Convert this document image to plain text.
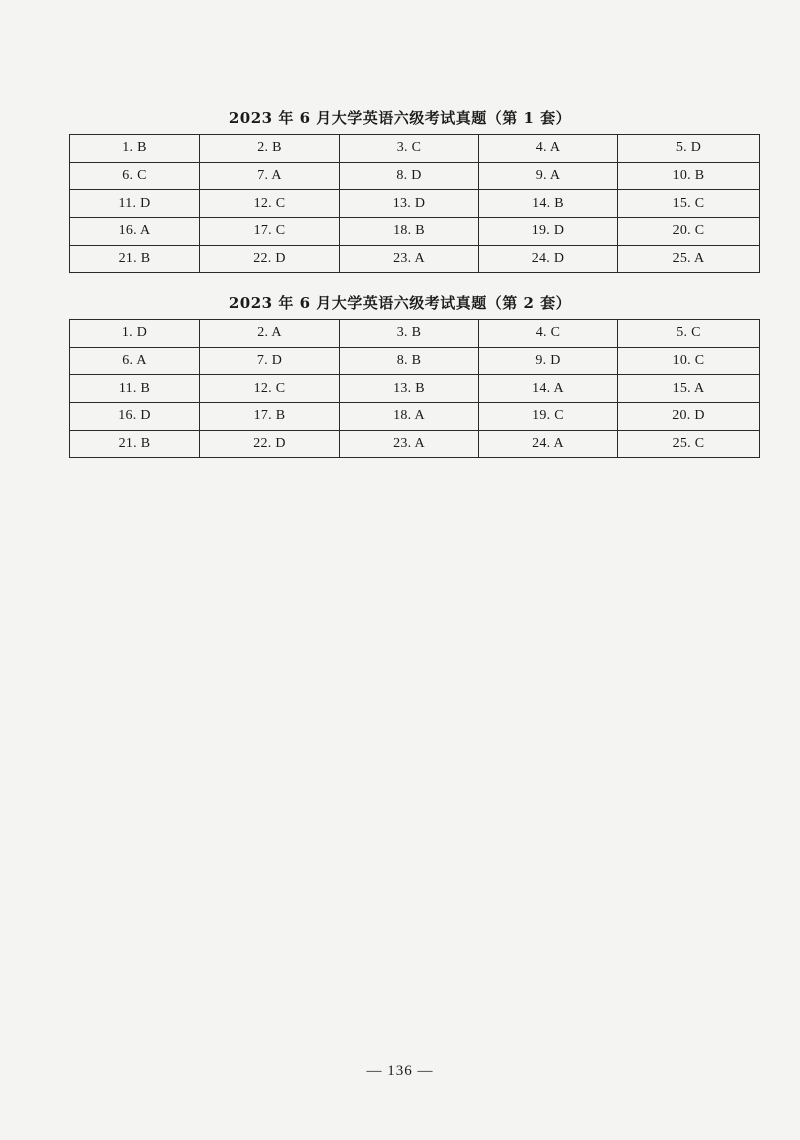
2023 年 6 月大学英语六级考试真题（第 1 套）
1. B	2. B	3. C	4. A	5. D
6. C	7. A	8. D	9. A	10. B
11. D	12. C	13. D	14. B	15. C
16. A	17. C	18. B	19. D	20. C
21. B	22. D	23. A	24. D	25. A
2023 年 6 月大学英语六级考试真题（第 2 套）
1. D	2. A	3. B	4. C	5. C
6. A	7. D	8. B	9. D	10. C
11. B	12. C	13. B	14. A	15. A
16. D	17. B	18. A	19. C	20. D
21. B	22. D	23. A	24. A	25. C
— 136 —
